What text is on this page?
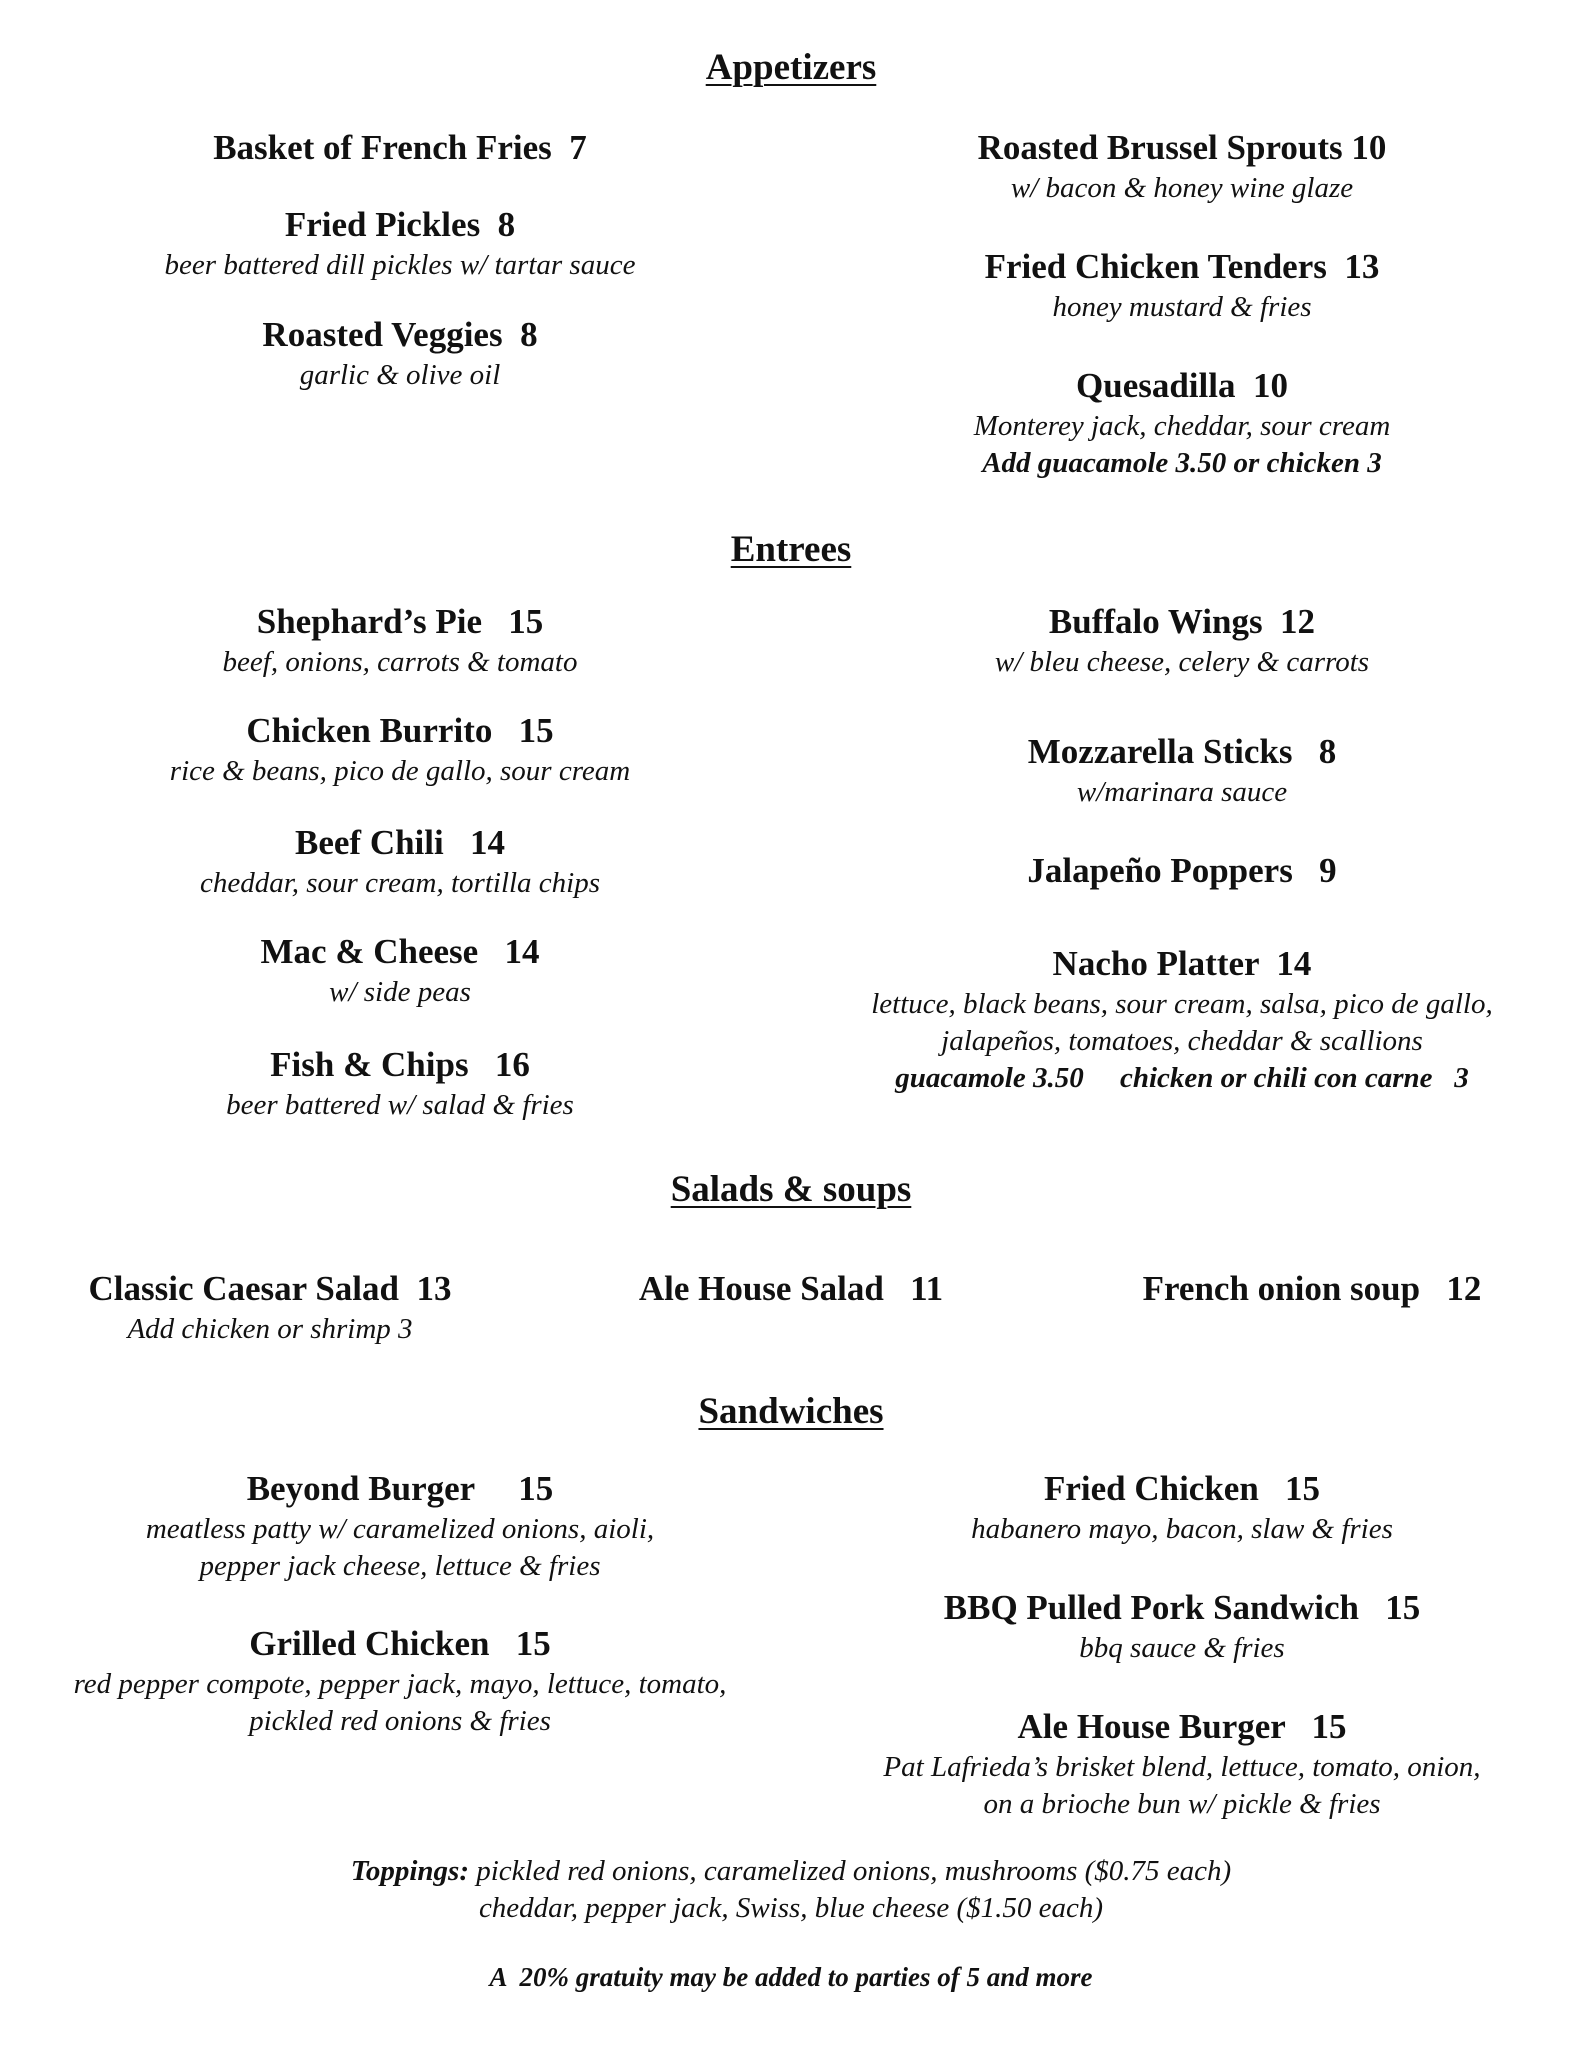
Appetizers
Basket of French Fries  7
Fried Pickles  8
beer battered dill pickles w/ tartar sauce
Roasted Veggies  8
garlic & olive oil
Roasted Brussel Sprouts 10
w/ bacon & honey wine glaze
Fried Chicken Tenders  13
honey mustard & fries
Quesadilla  10
Monterey jack, cheddar, sour cream
Add guacamole 3.50 or chicken 3
Entrees
Shephard’s Pie   15
beef, onions, carrots & tomato
Chicken Burrito   15
rice & beans, pico de gallo, sour cream
Beef Chili   14
cheddar, sour cream, tortilla chips
Mac & Cheese   14
w/ side peas
Fish & Chips   16
beer battered w/ salad & fries
Buffalo Wings  12
w/ bleu cheese, celery & carrots
Mozzarella Sticks   8
w/marinara sauce
Jalapeño Poppers   9
Nacho Platter  14
lettuce, black beans, sour cream, salsa, pico de gallo,
jalapeños, tomatoes, cheddar & scallions
guacamole 3.50     chicken or chili con carne   3
Salads & soups
Classic Caesar Salad  13
Add chicken or shrimp 3
Ale House Salad   11	French onion soup   12
Sandwiches
Beyond Burger     15
meatless patty w/ caramelized onions, aioli,
pepper jack cheese, lettuce & fries
Grilled Chicken   15
red pepper compote, pepper jack, mayo, lettuce, tomato,
pickled red onions & fries
Fried Chicken   15
habanero mayo, bacon, slaw & fries
BBQ Pulled Pork Sandwich   15
bbq sauce & fries
Ale House Burger   15
Pat Lafrieda’s brisket blend, lettuce, tomato, onion,
on a brioche bun w/ pickle & fries
Toppings: pickled red onions, caramelized onions, mushrooms ($0.75 each)
cheddar, pepper jack, Swiss, blue cheese ($1.50 each)
A  20% gratuity may be added to parties of 5 and more
